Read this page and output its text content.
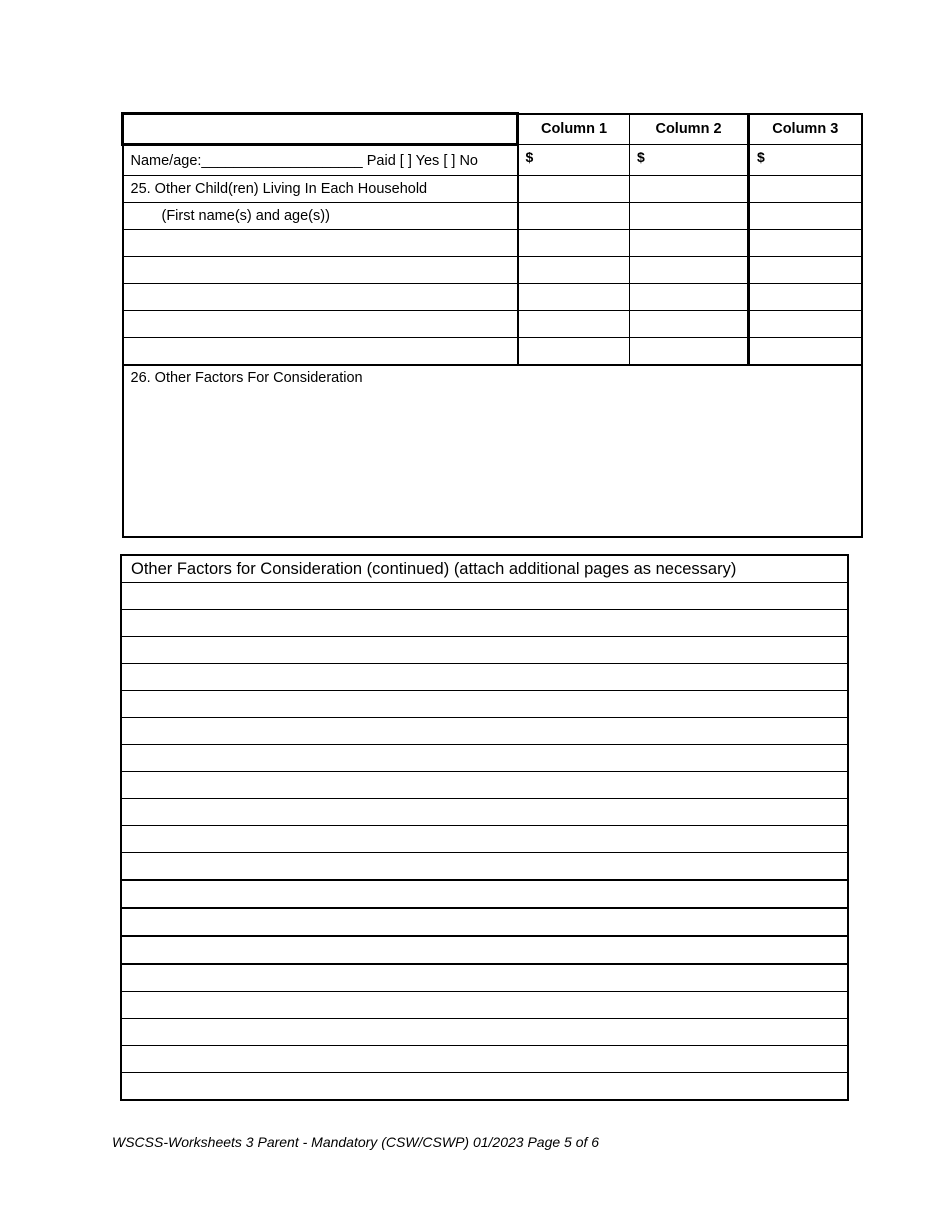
	Column 1	Column 2	Column 3
Name/age:____________________ Paid [ ] Yes [ ] No	$	$	$
25. Other Child(ren) Living In Each Household			
(First name(s) and age(s))			

26. Other Factors For Consideration			
Other Factors for Consideration (continued) (attach additional pages as necessary)

WSCSS-Worksheets 3 Parent - Mandatory (CSW/CSWP) 01/2023 Page 5 of 6
